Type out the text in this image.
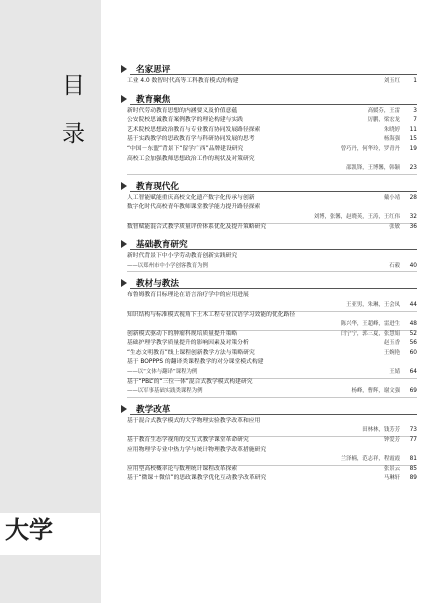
目
录
大学
名家思评
工业 4.0 数智时代高等工科教育模式的构建	刘玉红	1
教育聚焦
新时代劳动教育思想的内涵要义及价值意蕴	高媛芬，王雷	3
公安院校思诚教育案例教学的理论构建与实践	厉鹏，梁宏龙	7
艺术院校思想政治教育与专业教育协同发展路径探索	朱晓婷	11
基于实践教学的思政教育学与科研协同发展的思考	杨海强	15
“中国－东盟”背景下“留学广西”品牌建设研究	曾巧丹，何华玲，罗青丹	19
高校工会加强教师思想政治工作的现状及对策研究
邵凯锋，王博馨，韩颖	23
教育现代化
人工智能赋能重庆高校文化遗产数字化传承与创新	戴小靖	28
数字化时代高校青年教师课堂教学能力提升路径探索
刘博，张馨，赵晓英，王涛，王红伟	32
数智赋能混合式教学质量评价体系优化及提升策略研究	张敏	36
基础教育研究
新时代背景下中小学劳动教育创新实践研究
——以郑州市中小学创客教育为例	石毅	40
教材与教法
布鲁姆教育目标理论在语言治疗学中的应用进展
王亚男，朱琳，王会凤	44
知识结构与标准模式视角下土木工程专业汉语学习效能的优化路径
陈兴华，王超峰，雷进生	48
创新模式驱动下的肿瘤科规培质量提升策略	闫宁宁，郭三夏，张慧娟	52
基础护理学教学质量提升的影响因素及对策分析	赵玉香	56
“生态文明教育”线上课程创新教学方法与策略研究	王婉艳	60
基于 BOPPPS 的翻译类课程教学的对分课堂模式构建
——以“文体与翻译”课程为例	王婧	64
基于“PBL”的“三位一体”混合式教学模式构建研究
——以军事基础实践类课程为例	杨峰，曹辉，谢文强	69
教学改革
基于混合式教学模式的大学物理实验教学改革和应用
田林林，钱芳芳	73
基于教育生态学视角的交互式教学课堂革命研究	钟爱芳	77
应用物理学专业中热力学与统计物理教学改革措施研究
兰泽楠，范志祥，程霞霞	81
应用型高校概率论与数理统计课程改革探索	张景云	85
基于“微课＋微信”的思政课教学优化互动教学改革研究	马琳轩	89
